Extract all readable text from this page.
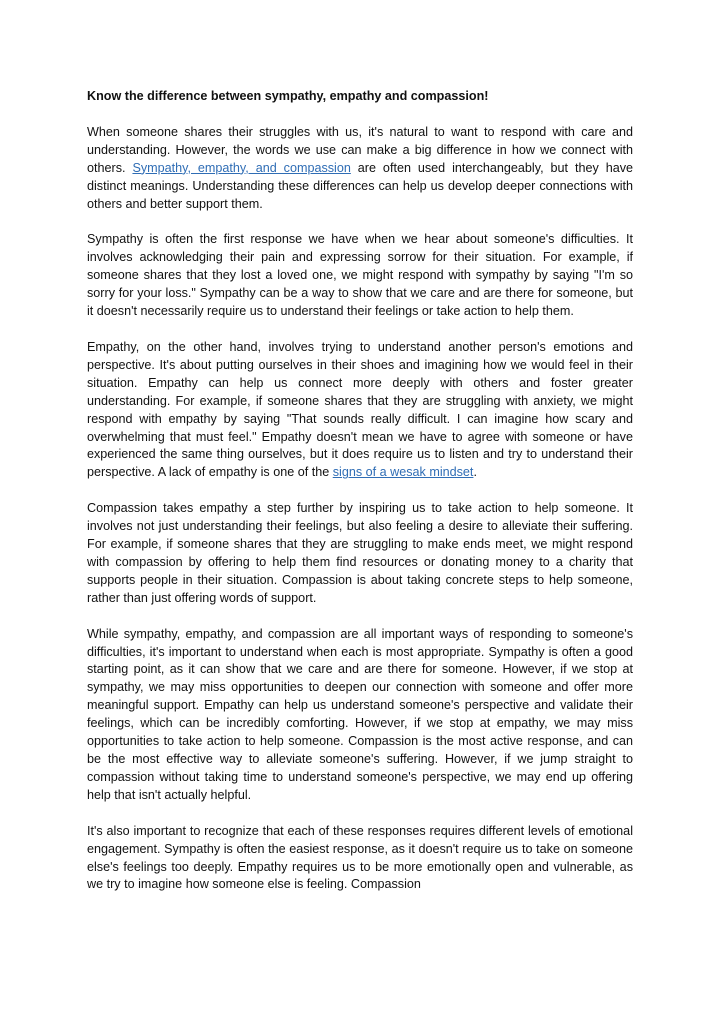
Know the difference between sympathy, empathy and compassion!

When someone shares their struggles with us, it's natural to want to respond with care and understanding. However, the words we use can make a big difference in how we connect with others. Sympathy, empathy, and compassion are often used interchangeably, but they have distinct meanings. Understanding these differences can help us develop deeper connections with others and better support them.

Sympathy is often the first response we have when we hear about someone's difficulties. It involves acknowledging their pain and expressing sorrow for their situation. For example, if someone shares that they lost a loved one, we might respond with sympathy by saying "I'm so sorry for your loss." Sympathy can be a way to show that we care and are there for someone, but it doesn't necessarily require us to understand their feelings or take action to help them.

Empathy, on the other hand, involves trying to understand another person's emotions and perspective. It's about putting ourselves in their shoes and imagining how we would feel in their situation. Empathy can help us connect more deeply with others and foster greater understanding. For example, if someone shares that they are struggling with anxiety, we might respond with empathy by saying "That sounds really difficult. I can imagine how scary and overwhelming that must feel." Empathy doesn't mean we have to agree with someone or have experienced the same thing ourselves, but it does require us to listen and try to understand their perspective. A lack of empathy is one of the signs of a wesak mindset.

Compassion takes empathy a step further by inspiring us to take action to help someone. It involves not just understanding their feelings, but also feeling a desire to alleviate their suffering. For example, if someone shares that they are struggling to make ends meet, we might respond with compassion by offering to help them find resources or donating money to a charity that supports people in their situation. Compassion is about taking concrete steps to help someone, rather than just offering words of support.

While sympathy, empathy, and compassion are all important ways of responding to someone's difficulties, it's important to understand when each is most appropriate. Sympathy is often a good starting point, as it can show that we care and are there for someone. However, if we stop at sympathy, we may miss opportunities to deepen our connection with someone and offer more meaningful support. Empathy can help us understand someone's perspective and validate their feelings, which can be incredibly comforting. However, if we stop at empathy, we may miss opportunities to take action to help someone. Compassion is the most active response, and can be the most effective way to alleviate someone's suffering. However, if we jump straight to compassion without taking time to understand someone's perspective, we may end up offering help that isn't actually helpful.

It's also important to recognize that each of these responses requires different levels of emotional engagement. Sympathy is often the easiest response, as it doesn't require us to take on someone else's feelings too deeply. Empathy requires us to be more emotionally open and vulnerable, as we try to imagine how someone else is feeling. Compassion
